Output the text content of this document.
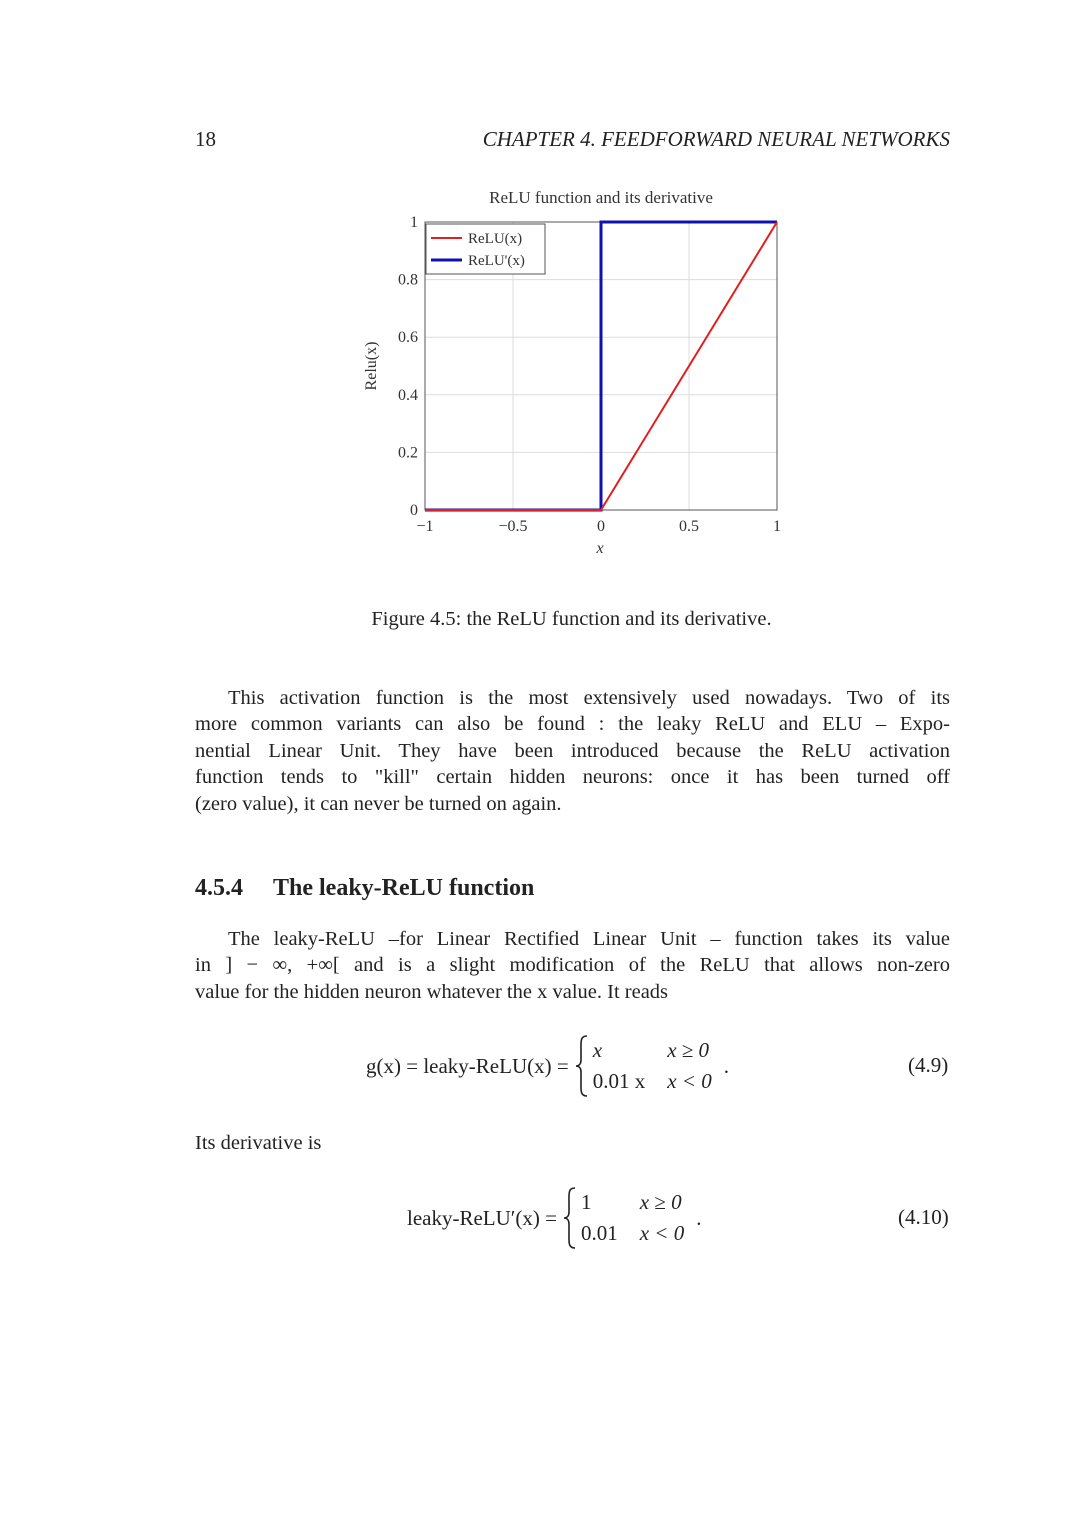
18	CHAPTER 4. FEEDFORWARD NEURAL NETWORKS
ReLU function and its derivative
−1	−0.5	0	0.5	1
0
0.2
0.4
0.6
0.8
1
x
Relu(x)
ReLU(x)
ReLU'(x)
Figure 4.5: the ReLU function and its derivative.
This activation function is the most extensively used nowadays. Two of its
more common variants can also be found : the leaky ReLU and ELU – Expo-
nential Linear Unit. They have been introduced because the ReLU activation
function tends to "kill" certain hidden neurons: once it has been turned off
(zero value), it can never be turned on again.
4.5.4 The leaky-ReLU function
The leaky-ReLU –for Linear Rectified Linear Unit – function takes its value
in ] − ∞, +∞[ and is a slight modification of the ReLU that allows non-zero
value for the hidden neuron whatever the x value. It reads
g(x) = leaky-ReLU(x) =
x	x ≥ 0
0.01 x x < 0
.	(4.9)
Its derivative is
leaky-ReLU′(x) =
1	x ≥ 0
0.01 x < 0
.	(4.10)
